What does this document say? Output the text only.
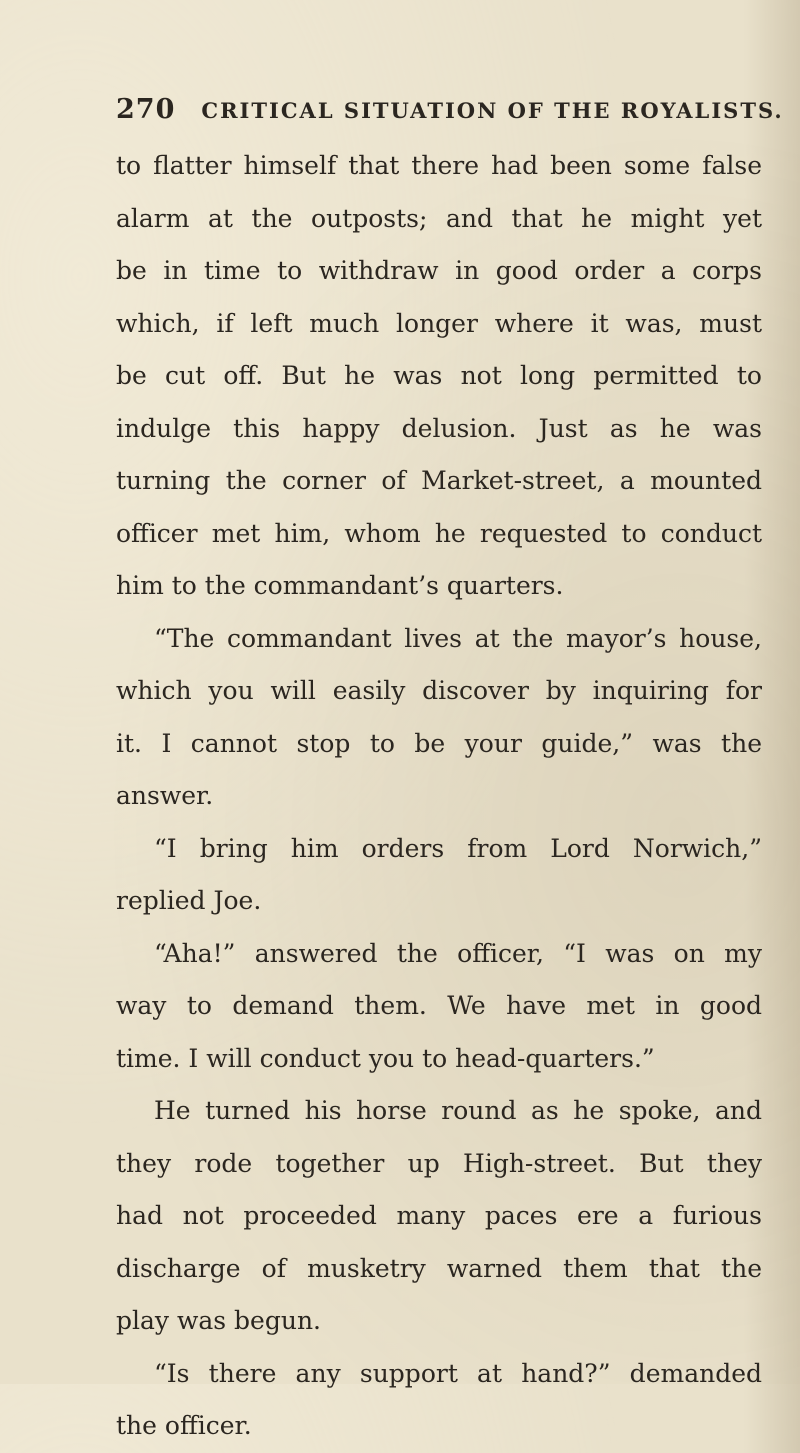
270 CRITICAL SITUATION OF THE ROYALISTS.
to flatter himself that there had been some false
alarm at the outposts; and that he might yet
be in time to withdraw in good order a corps
which, if left much longer where it was, must
be cut off. But he was not long permitted to
indulge this happy delusion. Just as he was
turning the corner of Market-street, a mounted
officer met him, whom he requested to conduct
him to the commandant’s quarters.
“The commandant lives at the mayor’s house,
which you will easily discover by inquiring for
it. I cannot stop to be your guide,” was the
answer.
“I bring him orders from Lord Norwich,”
replied Joe.
“Aha!” answered the officer, “I was on my
way to demand them. We have met in good
time. I will conduct you to head-quarters.”
He turned his horse round as he spoke, and
they rode together up High-street. But they
had not proceeded many paces ere a furious
discharge of musketry warned them that the
play was begun.
“Is there any support at hand?” demanded
the officer.
